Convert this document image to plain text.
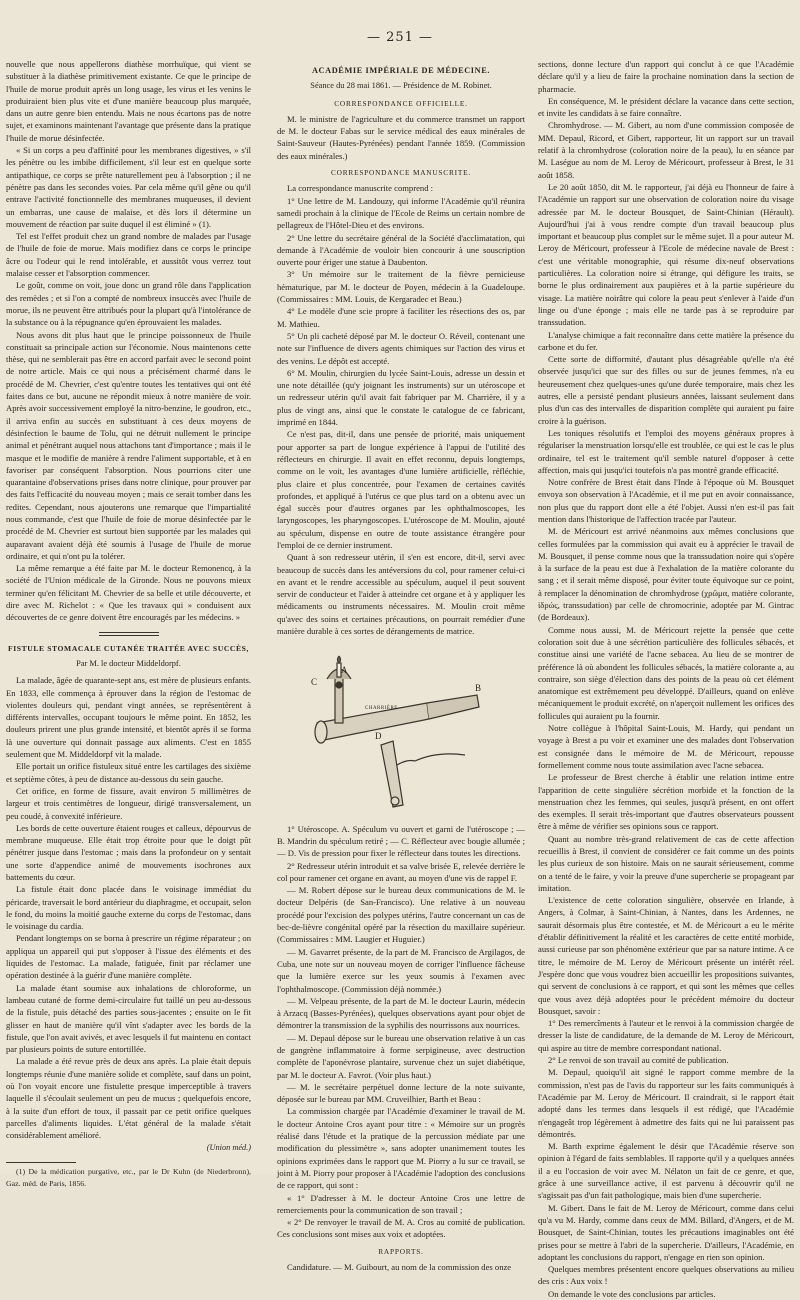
— 251 —

nouvelle que nous appellerons diathèse morrhuïque, qui vient se substituer à la diathèse primitivement existante. Ce que le principe de l'huile de morue produit après un long usage, les virus et les venins le produiraient bien plus vite et d'une manière beaucoup plus marquée, dans un autre genre bien entendu. Mais ne nous écartons pas de notre sujet, et examinons maintenant l'avantage que présente dans la pratique l'huile de morue désinfectée.

« Si un corps a peu d'affinité pour les membranes digestives, » s'il les pénètre ou les imbibe difficilement, s'il leur est en quelque sorte antipathique, ce corps se prête naturellement peu à l'absorption ; il ne pénètre pas dans les secondes voies. Par cela même qu'il gêne ou qu'il entrave l'activité fonctionnelle des membranes muqueuses, il devient un embarras, une cause de malaise, et dès lors il détermine un mouvement de réaction par suite duquel il est éliminé » (1).

Tel est l'effet produit chez un grand nombre de malades par l'usage de l'huile de foie de morue. Mais modifiez dans ce corps le principe âcre ou l'odeur qui le rend intolérable, et aussitôt vous verrez tout malaise cesser et l'absorption commencer.

Le goût, comme on voit, joue donc un grand rôle dans l'application des remèdes ; et si l'on a compté de nombreux insuccès avec l'huile de morue, ils ne peuvent être attribués pour la plupart qu'à l'intolérance de la substance ou à la répugnance qu'en éprouvaient les malades.

Nous avons dit plus haut que le principe poissonneux de l'huile constituait sa principale action sur l'économie. Nous maintenons cette thèse, qui ne semblerait pas être en accord parfait avec le second point de notre article. Mais ce qui nous a précisément charmé dans le procédé de M. Chevrier, c'est qu'entre toutes les tentatives qui ont été faites dans ce but, aucune ne répondit mieux à notre manière de voir. Après avoir successivement employé la nitro-benzine, le goudron, etc., il arriva enfin au succès en substituant à ces deux moyens de désinfection le baume de Tolu, qui ne détruit nullement le principe animal et pénétrant auquel nous attachons tant d'importance ; mais il le masque et le modifie de manière à rendre l'aliment supportable, et à en favoriser par conséquent l'absorption. Nous pourrions citer une quarantaine d'observations prises dans notre clinique, pour prouver par des faits l'efficacité du nouveau moyen ; mais ce serait tomber dans les redites. Cependant, nous ajouterons une remarque que l'impartialité nous commande, c'est que l'huile de foie de morue désinfectée par le procédé de M. Chevrier est surtout bien supportée par les malades qui auparavant avaient déjà été soumis à l'usage de l'huile de morue ordinaire, et qui n'ont pu la tolérer.

La même remarque a été faite par M. le docteur Remonencq, à la société de l'Union médicale de la Gironde. Nous ne pouvons mieux terminer qu'en félicitant M. Chevrier de sa belle et utile découverte, et dire avec M. Richelot : « Que les travaux qui » conduisent aux découvertes de ce genre doivent être encouragés par les médecins. »

FISTULE STOMACALE CUTANÉE TRAITÉE AVEC SUCCÈS,
Par M. le docteur Middeldorpf.

La malade, âgée de quarante-sept ans, est mère de plusieurs enfants. En 1833, elle commença à éprouver dans la région de l'estomac de violentes douleurs qui, pendant vingt années, se représentèrent à différents intervalles, occupant toujours le même point. En 1852, les douleurs prirent une plus grande intensité, et bientôt après il se forma là une ouverture qui donnait passage aux aliments. C'est en 1855 seulement que M. Middeldorpf vit la malade.

Elle portait un orifice fistuleux situé entre les cartilages des sixième et septième côtes, à peu de distance au-dessous du sein gauche.

Cet orifice, en forme de fissure, avait environ 5 millimètres de largeur et trois centimètres de longueur, dirigé transversalement, un peu coudé, à convexité inférieure.

Les bords de cette ouverture étaient rouges et calleux, dépourvus de membrane muqueuse. Elle était trop étroite pour que le doigt pût pénétrer jusque dans l'estomac ; mais dans la profondeur on y sentait une sorte d'appendice animé de mouvements isochrones aux battements du cœur.

La fistule était donc placée dans le voisinage immédiat du péricarde, traversait le bord antérieur du diaphragme, et occupait, selon le fond, du moins la moitié gauche externe du corps de l'estomac, dans le voisinage du cardia.

Pendant longtemps on se borna à prescrire un régime réparateur ; on appliqua un appareil qui put s'opposer à l'issue des éléments et des liquides de l'estomac. La malade, fatiguée, finit par réclamer une opération destinée à la guérir d'une manière complète.

La malade étant soumise aux inhalations de chloroforme, un lambeau cutané de forme demi-circulaire fut taillé un peu au-dessous de la fistule, puis détaché des parties sous-jacentes ; ensuite on le fit glisser en haut de manière qu'il vînt s'adapter avec les bords de la fistule, que l'on avait avivés, et avec lesquels il fut maintenu en contact par plusieurs points de suture entortillée.

La malade a été revue près de deux ans après. La plaie était depuis longtemps réunie d'une manière solide et complète, sauf dans un point, où l'on voyait encore une fistulette presque imperceptible à travers laquelle il s'écoulait seulement un peu de mucus ; quelquefois encore, à la suite d'un effort de toux, il passait par ce petit orifice quelques parcelles d'aliments liquides. L'état général de la malade s'était considérablement amélioré.

(Union méd.)

(1) De la médication purgative, etc., par le Dr Kuhn (de Niederbronn), Gaz. méd. de Paris, 1856.

ACADÉMIE IMPÉRIALE DE MÉDECINE.
Séance du 28 mai 1861. — Présidence de M. Robinet.
CORRESPONDANCE OFFICIELLE.

M. le ministre de l'agriculture et du commerce transmet un rapport de M. le docteur Fabas sur le service médical des eaux minérales de Saint-Sauveur (Hautes-Pyrénées) pendant l'année 1859. (Commission des eaux minérales.)

CORRESPONDANCE MANUSCRITE.

La correspondance manuscrite comprend :

1° Une lettre de M. Landouzy, qui informe l'Académie qu'il réunira samedi prochain à la clinique de l'Ecole de Reims un certain nombre de pellagreux de l'Hôtel-Dieu et des environs.

2° Une lettre du secrétaire général de la Société d'acclimatation, qui demande à l'Académie de vouloir bien concourir à une souscription ouverte pour ériger une statue à Daubenton.

3° Un mémoire sur le traitement de la fièvre pernicieuse hématurique, par M. le docteur de Poyen, médecin à la Guadeloupe. (Commissaires : MM. Louis, de Kergaradec et Beau.)

4° Le modèle d'une scie propre à faciliter les résections des os, par M. Mathieu.

5° Un pli cacheté déposé par M. le docteur O. Réveil, contenant une note sur l'influence de divers agents chimiques sur l'action des virus et des venins. Le dépôt est accepté.

6° M. Moulin, chirurgien du lycée Saint-Louis, adresse un dessin et une note détaillée (qu'y joignant les instruments) sur un utéroscope et un redresseur utérin qu'il avait fait fabriquer par M. Charrière, il y a plus de vingt ans, ainsi que le constate le catalogue de ce fabricant, imprimé en 1844.

Ce n'est pas, dit-il, dans une pensée de priorité, mais uniquement pour apporter sa part de longue expérience à l'appui de l'utilité des réflecteurs en chirurgie. Il avait en effet reconnu, depuis longtemps, comme on le voit, les avantages d'une lumière artificielle, réfléchie, plus claire et plus concentrée, pour l'examen de certaines cavités profondes, et appliqué à l'utérus ce que plus tard on a obtenu avec un égal succès pour d'autres organes par les ophthalmoscopes, les laryngoscopes, les pharyngoscopes. L'utéroscope de M. Moulin, ajouté au spéculum, dispense en outre de toute assistance étrangère pour l'emploi de ce dernier instrument.

Quant à son redresseur utérin, il s'en est encore, dit-il, servi avec beaucoup de succès dans les antéversions du col, pour ramener celui-ci en avant et le rendre accessible au spéculum, auquel il peut souvent servir de conducteur et l'aider à atteindre cet organe et à y appliquer les médicaments ou instruments nécessaires. M. Moulin croit même qu'avec des soins et certaines précautions, on pourrait remédier d'une manière durable à ces sortes de dérangements de matrice.

A
B
C
D
CHARRIÈRE

1° Utéroscope. A. Spéculum vu ouvert et garni de l'utéroscope ; — B. Mandrin du spéculum retiré ; — C. Réflecteur avec bougie allumée ; — D. Vis de pression pour fixer le réflecteur dans toutes les directions.

2° Redresseur utérin introduit et sa valve brisée E, relevée derrière le col pour ramener cet organe en avant, au moyen d'une vis de rappel F.

— M. Robert dépose sur le bureau deux communications de M. le docteur Delpéris (de San-Francisco). Une relative à un nouveau procédé pour l'excision des polypes utérins, l'autre concernant un cas de bec-de-lièvre congénital opéré par la résection du maxillaire supérieur. (Commissaires : MM. Laugier et Huguier.)

— M. Gavarret présente, de la part de M. Francisco de Argilagos, de Cuba, une note sur un nouveau moyen de corriger l'influence fâcheuse que la lumière exerce sur les yeux soumis à l'examen avec l'ophthalmoscope. (Commission déjà nommée.)

— M. Velpeau présente, de la part de M. le docteur Laurin, médecin à Arzacq (Basses-Pyrénées), quelques observations ayant pour objet de démontrer la transmission de la syphilis des nourrissons aux nourrices.

— M. Depaul dépose sur le bureau une observation relative à un cas de gangrène inflammatoire à forme serpigineuse, avec destruction complète de l'aponévrose plantaire, survenue chez un sujet diabétique, par M. le docteur A. Favrot. (Voir plus haut.)

— M. le secrétaire perpétuel donne lecture de la note suivante, déposée sur le bureau par MM. Cruveilhier, Barth et Beau :

La commission chargée par l'Académie d'examiner le travail de M. le docteur Antoine Cros ayant pour titre : « Mémoire sur un progrès réalisé dans l'étude et la pratique de la percussion médiate par une modification du plessimètre », sans adopter unanimement toutes les opinions exprimées dans le rapport que M. Piorry a lu sur ce travail, se joint à M. Piorry pour proposer à l'Académie l'adoption des conclusions de ce rapport, qui sont :

« 1° D'adresser à M. le docteur Antoine Cros une lettre de remerciements pour la communication de son travail ;

« 2° De renvoyer le travail de M. A. Cros au comité de publication. Ces conclusions sont mises aux voix et adoptées.

RAPPORTS.

Candidature. — M. Guibourt, au nom de la commission des onze

sections, donne lecture d'un rapport qui conclut à ce que l'Académie déclare qu'il y a lieu de faire la prochaine nomination dans la section de pharmacie.

En conséquence, M. le président déclare la vacance dans cette section, et invite les candidats à se faire connaître.

Chromhydrose. — M. Gibert, au nom d'une commission composée de MM. Depaul, Ricord, et Gibert, rapporteur, lit un rapport sur un travail relatif à la chromhydrose (coloration noire de la peau), lu en séance par M. Laségue au nom de M. Leroy de Méricourt, professeur à Brest, le 31 août 1858.

Le 20 août 1850, dit M. le rapporteur, j'ai déjà eu l'honneur de faire à l'Académie un rapport sur une observation de coloration noire du visage adressée par M. le docteur Bousquet, de Saint-Chinian (Hérault). Aujourd'hui j'ai à vous rendre compte d'un travail beaucoup plus important et beaucoup plus complet sur le même sujet. Il a pour auteur M. Leroy de Méricourt, professeur à l'Ecole de médecine navale de Brest : c'est une véritable monographie, qui résume dix-neuf observations particulières. La coloration noire si étrange, qui défigure les traits, se borne le plus ordinairement aux paupières et à la partie supérieure du visage. La matière noirâtre qui colore la peau peut s'enlever à l'aide d'un linge ou d'une éponge ; mais elle ne tarde pas à se reproduire par transsudation.

L'analyse chimique a fait reconnaître dans cette matière la présence du carbone et du fer.

Cette sorte de difformité, d'autant plus désagréable qu'elle n'a été observée jusqu'ici que sur des filles ou sur de jeunes femmes, n'a eu heureusement chez quelques-unes qu'une durée temporaire, mais chez les autres, elle a persisté pendant plusieurs années, laissant seulement dans plus d'un cas des intervalles de disparition complète qui auraient pu faire croire à la guérison.

Les toniques résolutifs et l'emploi des moyens généraux propres à régulariser la menstruation lorsqu'elle est troublée, ce qui est le cas le plus ordinaire, tel est le traitement qu'il semble naturel d'opposer à cette affection, mais qui jusqu'ici toutefois n'a pas montré grande efficacité.

Notre confrère de Brest était dans l'Inde à l'époque où M. Bousquet envoya son observation à l'Académie, et il me put en avoir connaissance, non plus que du rapport dont elle a été l'objet. Aussi n'en est-il pas fait mention dans l'historique de l'affection tracée par l'auteur.

M. de Méricourt est arrivé néanmoins aux mêmes conclusions que celles formulées par la commission qui avait eu à apprécier le travail de M. Bousquet, il pense comme nous que la transsudation noire qui s'opère à la surface de la peau est due à l'exhalation de la matière colorante du sang ; et il serait même disposé, pour éviter toute équivoque sur ce point, à remplacer la dénomination de chromhydrose (χρῶμα, matière colorante, ἱδρώς, transsudation) par celle de chromocrinie, adoptée par M. Gintrac (de Bordeaux).

Comme nous aussi, M. de Méricourt rejette la pensée que cette coloration soit due à une sécrétion particulière des follicules sébacés, et constitue ainsi une variété de l'acne sebacea. Au lieu de se montrer de préférence là où abondent les follicules sébacés, la matière colorante a, au contraire, son siège d'élection dans des points de la peau où cet élément anatomique est extrêmement peu développé. D'ailleurs, quand on enlève mécaniquement le produit excrété, on n'aperçoit nullement les orifices des follicules qui auraient pu la fournir.

Notre collègue à l'hôpital Saint-Louis, M. Hardy, qui pendant un voyage à Brest a pu voir et examiner une des malades dont l'observation est consignée dans le mémoire de M. de Méricourt, repousse formellement comme nous toute assimilation avec l'acne sebacea.

Le professeur de Brest cherche à établir une relation intime entre l'apparition de cette singulière sécrétion morbide et la fonction de la menstruation chez les femmes, qui seules, jusqu'à présent, en ont offert des exemples. Il serait très-important que d'autres observateurs poussent être à même de vérifier ses opinions sous ce rapport.

Quant au nombre très-grand relativement de cas de cette affection recueillis à Brest, il convient de considérer ce fait comme un des points les plus curieux de son histoire. Mais on ne saurait sérieusement, comme on a tenté de le faire, y voir la preuve d'une supercherie se propageant par imitation.

L'existence de cette coloration singulière, observée en Irlande, à Angers, à Colmar, à Saint-Chinian, à Nantes, dans les Ardennes, ne saurait désormais plus être contestée, et M. de Méricourt a eu le mérite d'établir définitivement la réalité et les caractères de cette entité morbide, aussi curieuse par son phénomène extérieur que par sa nature intime. A ce titre, le mémoire de M. Leroy de Méricourt présente un intérêt réel. J'espère donc que vous voudrez bien accueillir les propositions suivantes, qui servent de conclusions à ce rapport, et qui sont les mêmes que celles que vous avez déjà adoptées pour le précédent mémoire du docteur Bousquet, savoir :

1° Des remercîments à l'auteur et le renvoi à la commission chargée de dresser la liste de candidature, de la demande de M. Leroy de Méricourt, qui aspire au titre de membre correspondant national.

2° Le renvoi de son travail au comité de publication.

M. Depaul, quoiqu'il ait signé le rapport comme membre de la commission, n'est pas de l'avis du rapporteur sur les faits communiqués à l'Académie par M. Leroy de Méricourt. Il craindrait, si le rapport était adopté dans les termes dans lesquels il est rédigé, que l'Académie n'engageât trop légèrement à admettre des faits qui ne lui paraissent pas démontrés.

M. Barth exprime également le désir que l'Académie réserve son opinion à l'égard de faits semblables. Il rapporte qu'il y a quelques années il a eu l'occasion de voir avec M. Nélaton un fait de ce genre, et que, grâce à une surveillance active, il est parvenu à découvrir qu'il ne s'agissait pas d'un fait pathologique, mais bien d'une supercherie.

M. Gibert. Dans le fait de M. Leroy de Méricourt, comme dans celui qu'a vu M. Hardy, comme dans ceux de MM. Billard, d'Angers, et de M. Bousquet, de Saint-Chinian, toutes les précautions imaginables ont été prises pour se mettre à l'abri de la supercherie. D'ailleurs, l'Académie, en adoptant les conclusions du rapport, n'engage en rien son opinion.

Quelques membres présentent encore quelques observations au milieu des cris : Aux voix !

On demande le vote des conclusions par articles.
